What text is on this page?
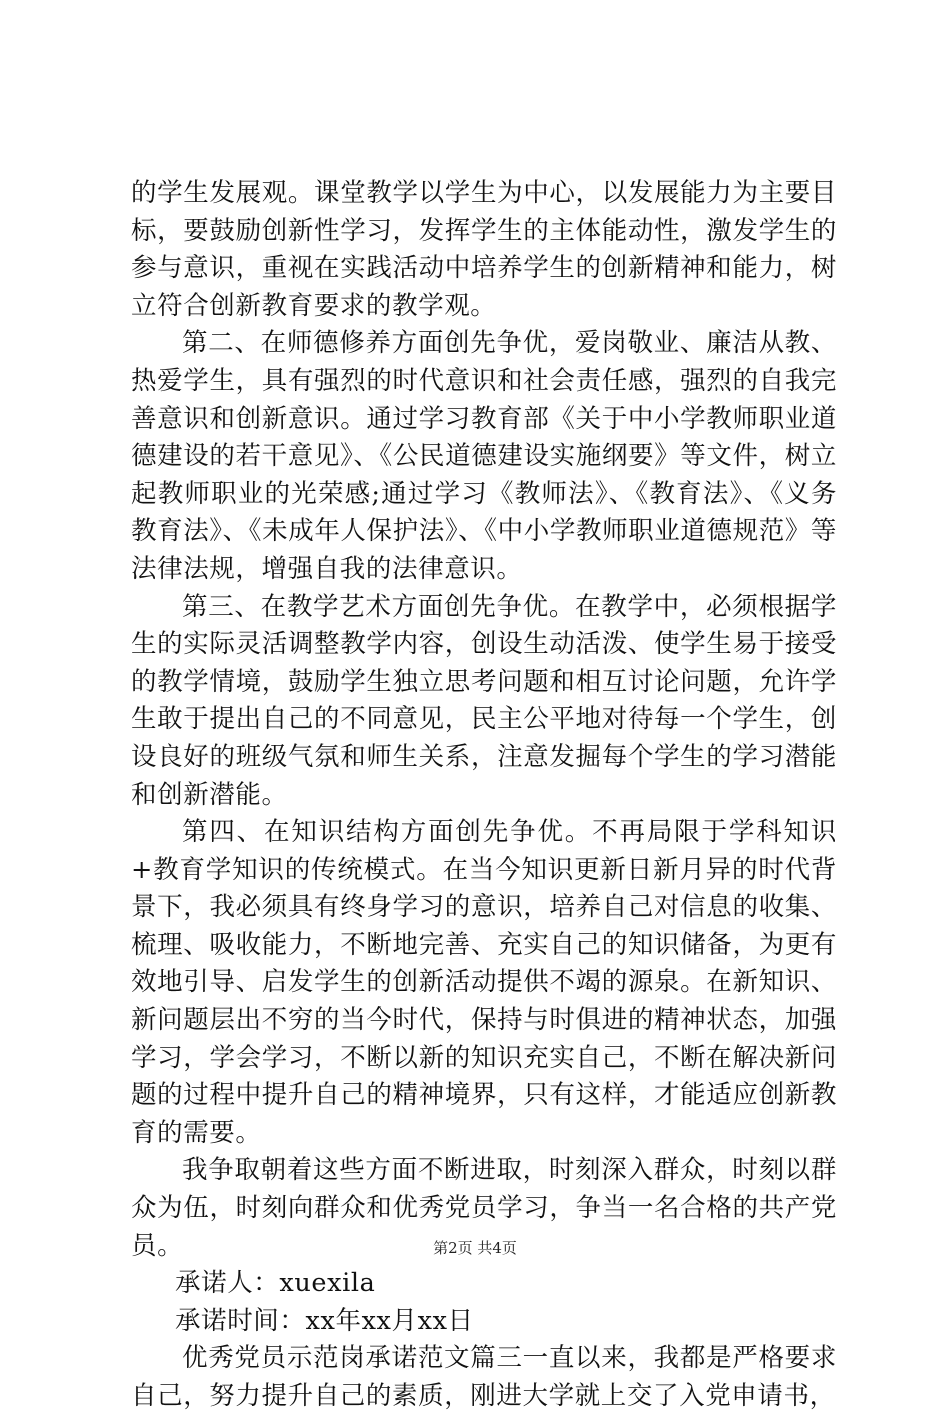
的学生发展观。课堂教学以学生为中心，以发展能力为主要目标，要鼓励创新性学习，发挥学生的主体能动性，激发学生的参与意识，重视在实践活动中培养学生的创新精神和能力，树立符合创新教育要求的教学观。

第二、在师德修养方面创先争优，爱岗敬业、廉洁从教、热爱学生，具有强烈的时代意识和社会责任感，强烈的自我完善意识和创新意识。通过学习教育部《关于中小学教师职业道德建设的若干意见》、《公民道德建设实施纲要》等文件，树立起教师职业的光荣感;通过学习《教师法》、《教育法》、《义务教育法》、《未成年人保护法》、《中小学教师职业道德规范》等法律法规，增强自我的法律意识。

第三、在教学艺术方面创先争优。在教学中，必须根据学生的实际灵活调整教学内容，创设生动活泼、使学生易于接受的教学情境，鼓励学生独立思考问题和相互讨论问题，允许学生敢于提出自己的不同意见，民主公平地对待每一个学生，创设良好的班级气氛和师生关系，注意发掘每个学生的学习潜能和创新潜能。

第四、在知识结构方面创先争优。不再局限于学科知识+教育学知识的传统模式。在当今知识更新日新月异的时代背景下，我必须具有终身学习的意识，培养自己对信息的收集、梳理、吸收能力，不断地完善、充实自己的知识储备，为更有效地引导、启发学生的创新活动提供不竭的源泉。在新知识、新问题层出不穷的当今时代，保持与时俱进的精神状态，加强学习，学会学习，不断以新的知识充实自己，不断在解决新问题的过程中提升自己的精神境界，只有这样，才能适应创新教育的需要。

我争取朝着这些方面不断进取，时刻深入群众，时刻以群众为伍，时刻向群众和优秀党员学习，争当一名合格的共产党员。

承诺人：xuexila

承诺时间：xx年xx月xx日

优秀党员示范岗承诺范文篇三一直以来，我都是严格要求自己，努力提升自己的素质，刚进大学就上交了入党申请书，

第2页 共4页
